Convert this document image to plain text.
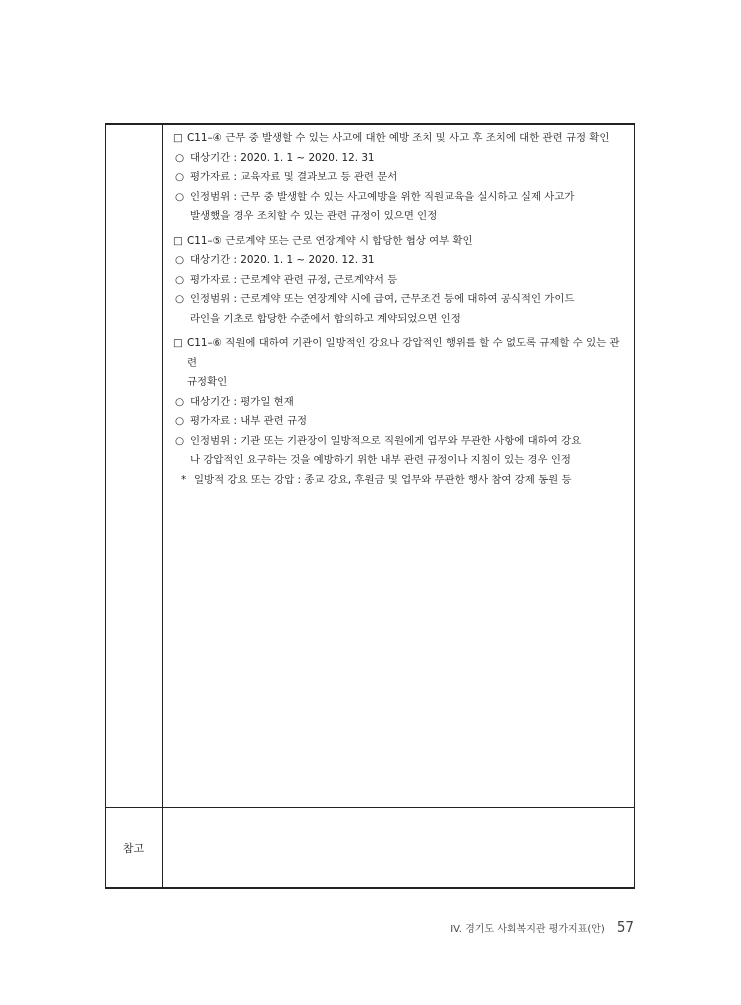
□ C11–④ 근무 중 발생할 수 있는 사고에 대한 예방 조치 및 사고 후 조치에 대한 관련 규정 확인
○ 대상기간 : 2020. 1. 1 ~ 2020. 12. 31
○ 평가자료 : 교육자료 및 결과보고 등 관련 문서
○ 인정범위 : 근무 중 발생할 수 있는 사고예방을 위한 직원교육을 실시하고 실제 사고가
발생했을 경우 조치할 수 있는 관련 규정이 있으면 인정
□ C11–⑤ 근로계약 또는 근로 연장계약 시 합당한 협상 여부 확인
○ 대상기간 : 2020. 1. 1 ~ 2020. 12. 31
○ 평가자료 : 근로계약 관련 규정, 근로계약서 등
○ 인정범위 : 근로계약 또는 연장계약 시에 급여, 근무조건 등에 대하여 공식적인 가이드
라인을 기초로 합당한 수준에서 합의하고 계약되었으면 인정
□ C11–⑥ 직원에 대하여 기관이 일방적인 강요나 강압적인 행위를 할 수 없도록 규제할 수 있는 관련
규정확인
○ 대상기간 : 평가일 현재
○ 평가자료 : 내부 관련 규정
○ 인정범위 : 기관 또는 기관장이 일방적으로 직원에게 업무와 무관한 사항에 대하여 강요
나 강압적인 요구하는 것을 예방하기 위한 내부 관련 규정이나 지침이 있는 경우 인정
* 일방적 강요 또는 강압 : 종교 강요, 후원금 및 업무와 무관한 행사 참여 강제 동원 등
참고
IV. 경기도 사회복지관 평가지표(안) 57
